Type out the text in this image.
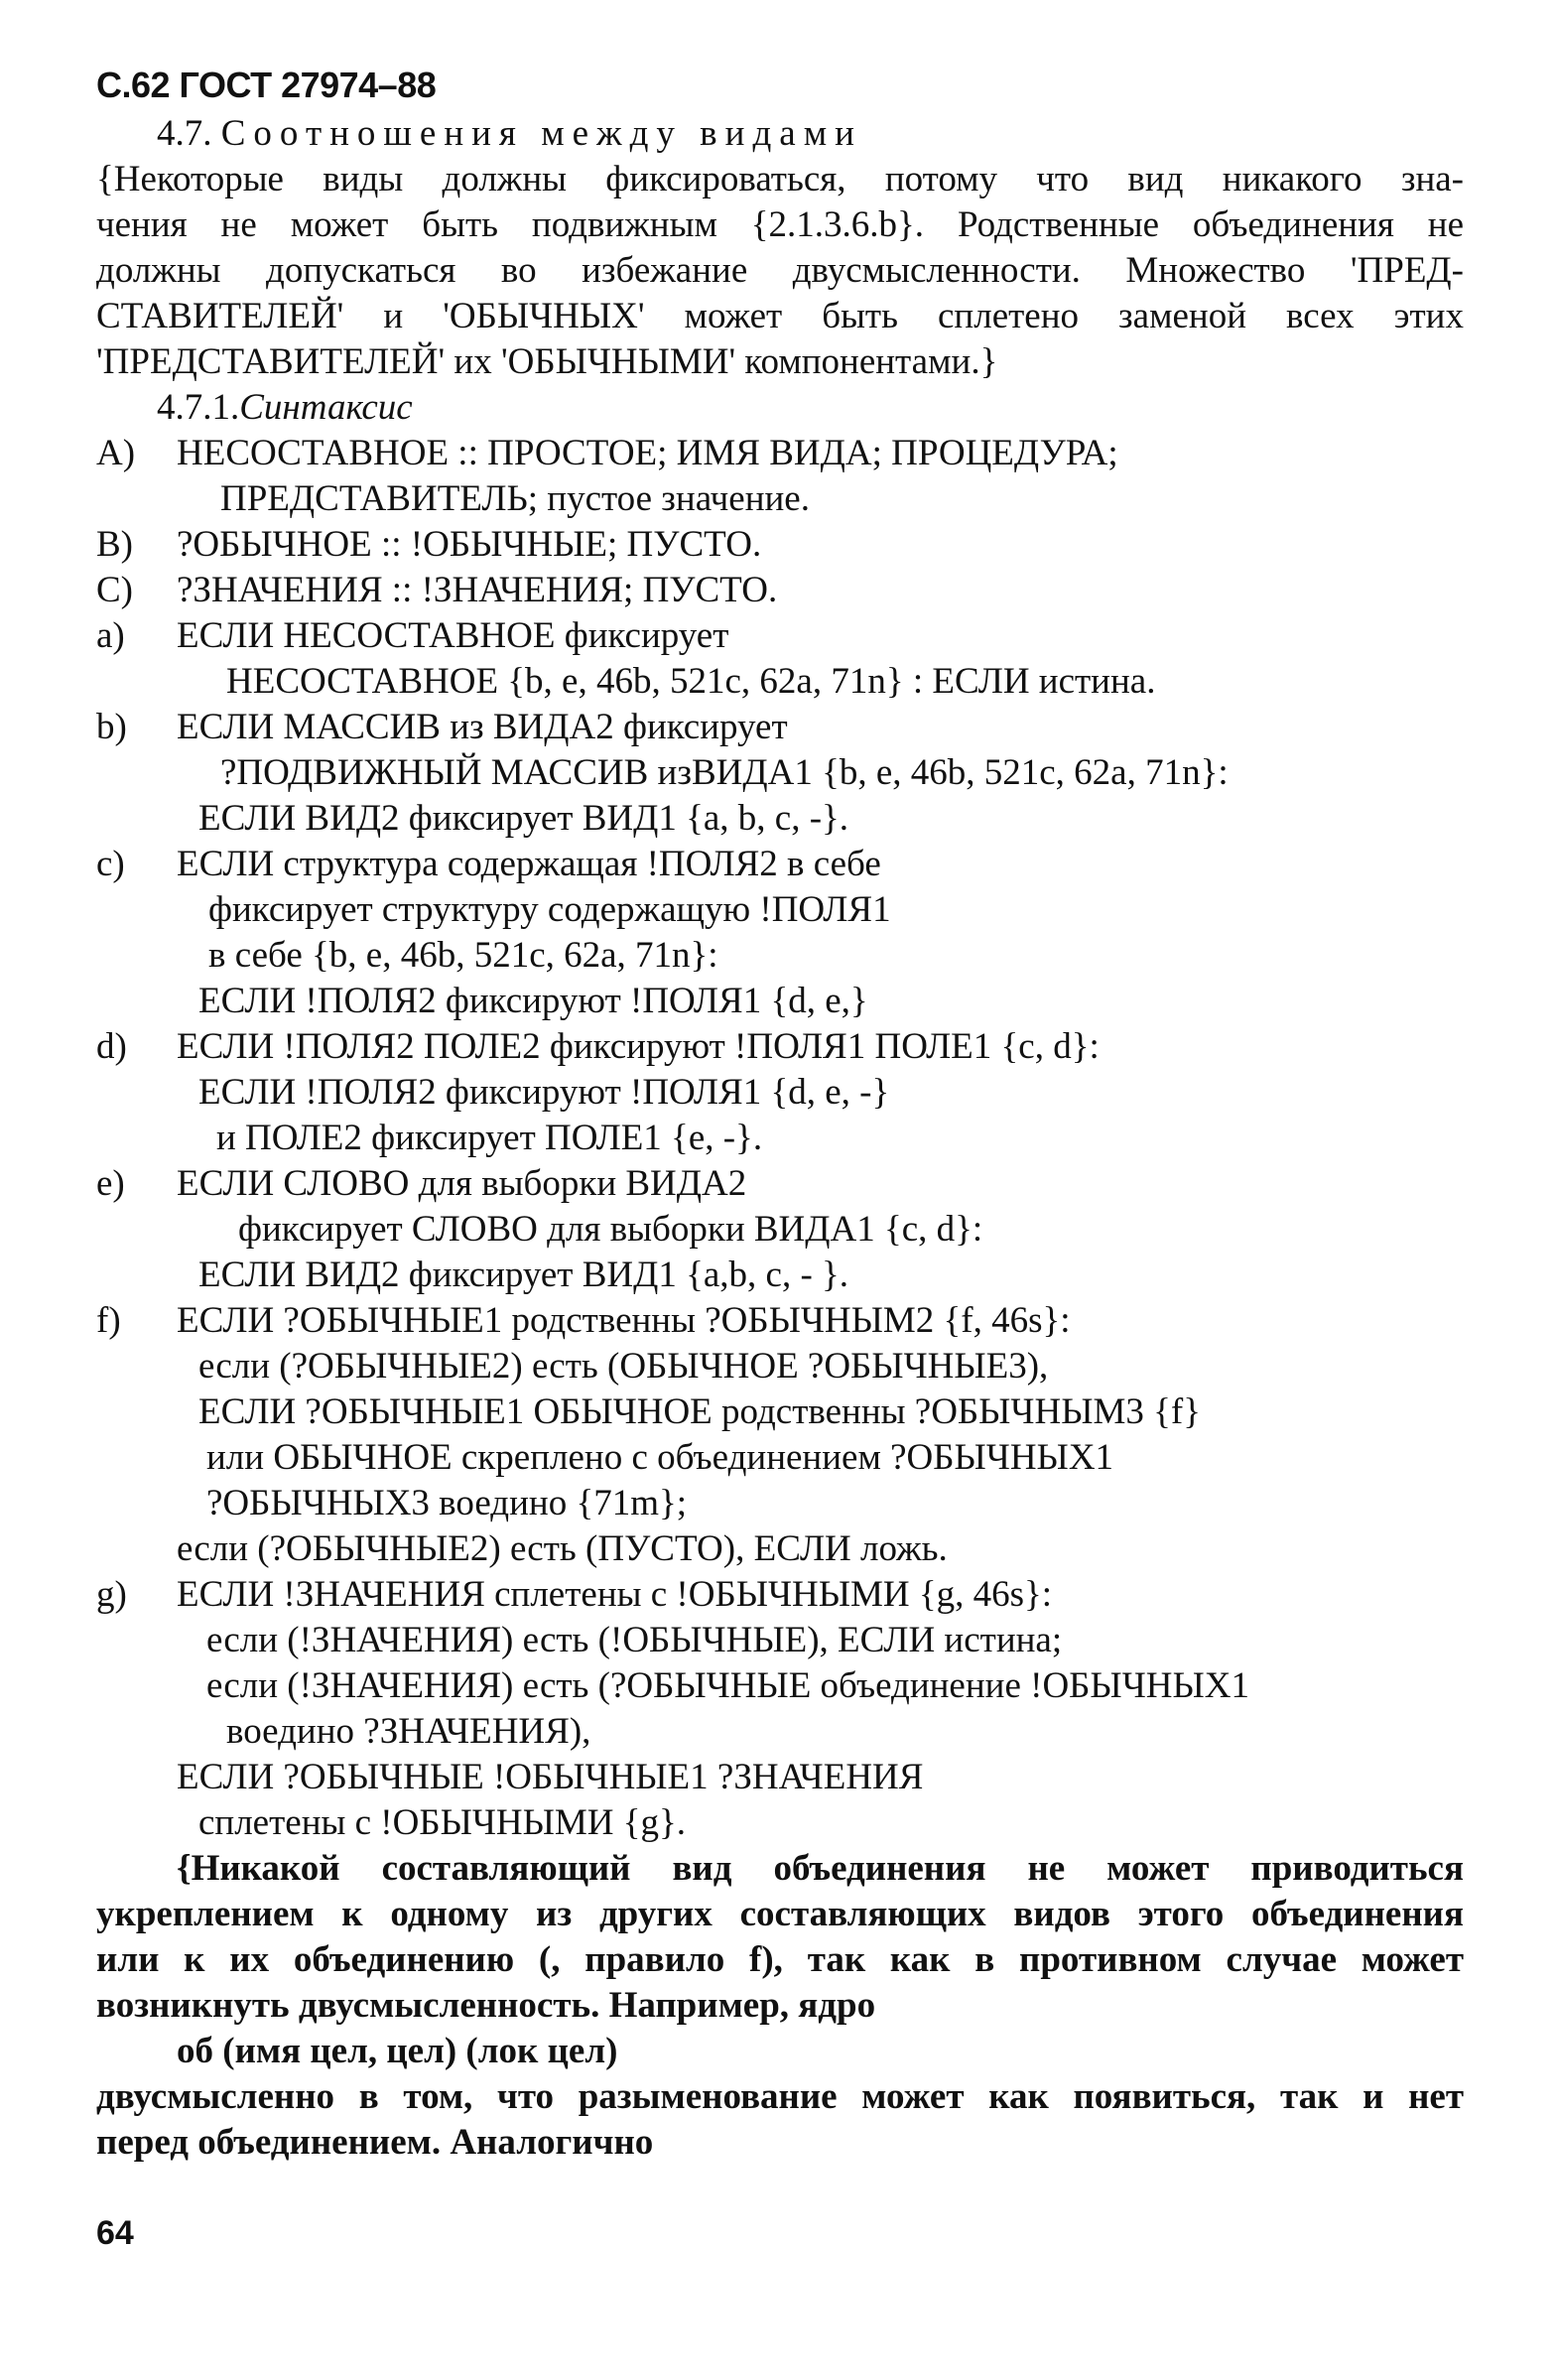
С.62 ГОСТ 27974–88
4.7. Соотношения между видами
{Некоторые виды должны фиксироваться, потому что вид никакого зна-
чения не может быть подвижным {2.1.3.6.b}. Родственные объединения не
должны допускаться во избежание двусмысленности. Множество 'ПРЕД-
СТАВИТЕЛЕЙ' и 'ОБЫЧНЫХ' может быть сплетено заменой всех этих
'ПРЕДСТАВИТЕЛЕЙ' их 'ОБЫЧНЫМИ' компонентами.}
4.7.1.Синтаксис
A) НЕСОСТАВНОЕ :: ПРОСТОЕ; ИМЯ ВИДА; ПРОЦЕДУРА;
ПРЕДСТАВИТЕЛЬ; пустое значение.
B) ?ОБЫЧНОЕ :: !ОБЫЧНЫЕ; ПУСТО.
C) ?ЗНАЧЕНИЯ :: !ЗНАЧЕНИЯ; ПУСТО.
a) ЕСЛИ НЕСОСТАВНОЕ фиксирует
НЕСОСТАВНОЕ {b, e, 46b, 521c, 62a, 71n} : ЕСЛИ истина.
b) ЕСЛИ МАССИВ из ВИДА2 фиксирует
?ПОДВИЖНЫЙ МАССИВ изВИДА1 {b, e, 46b, 521c, 62a, 71n}:
ЕСЛИ ВИД2 фиксирует ВИД1 {a, b, c, -}.
c) ЕСЛИ структура содержащая !ПОЛЯ2 в себе
фиксирует структуру содержащую !ПОЛЯ1
в себе {b, e, 46b, 521c, 62a, 71n}:
ЕСЛИ !ПОЛЯ2 фиксируют !ПОЛЯ1 {d, e,}
d) ЕСЛИ !ПОЛЯ2 ПОЛЕ2 фиксируют !ПОЛЯ1 ПОЛЕ1 {c, d}:
ЕСЛИ !ПОЛЯ2 фиксируют !ПОЛЯ1 {d, e, -}
и ПОЛЕ2 фиксирует ПОЛЕ1 {e, -}.
e) ЕСЛИ СЛОВО для выборки ВИДА2
фиксирует СЛОВО для выборки ВИДА1 {c, d}:
ЕСЛИ ВИД2 фиксирует ВИД1 {a,b, c, - }.
f) ЕСЛИ ?ОБЫЧНЫЕ1 родственны ?ОБЫЧНЫМ2 {f, 46s}:
если (?ОБЫЧНЫЕ2) есть (ОБЫЧНОЕ ?ОБЫЧНЫЕ3),
ЕСЛИ ?ОБЫЧНЫЕ1 ОБЫЧНОЕ родственны ?ОБЫЧНЫМ3 {f}
или ОБЫЧНОЕ скреплено с объединением ?ОБЫЧНЫХ1
?ОБЫЧНЫХ3 воедино {71m};
если (?ОБЫЧНЫЕ2) есть (ПУСТО), ЕСЛИ ложь.
g) ЕСЛИ !ЗНАЧЕНИЯ сплетены с !ОБЫЧНЫМИ {g, 46s}:
если (!ЗНАЧЕНИЯ) есть (!ОБЫЧНЫЕ), ЕСЛИ истина;
если (!ЗНАЧЕНИЯ) есть (?ОБЫЧНЫЕ объединение !ОБЫЧНЫХ1
воедино ?ЗНАЧЕНИЯ),
ЕСЛИ ?ОБЫЧНЫЕ !ОБЫЧНЫЕ1 ?ЗНАЧЕНИЯ
сплетены с !ОБЫЧНЫМИ {g}.
{Никакой составляющий вид объединения не может приводиться
укреплением к одному из других составляющих видов этого объединения
или к их объединению (, правило f), так как в противном случае может
возникнуть двусмысленность. Например, ядро
об (имя цел, цел) (лок цел)
двусмысленно в том, что разыменование может как появиться, так и нет
перед объединением. Аналогично
64
